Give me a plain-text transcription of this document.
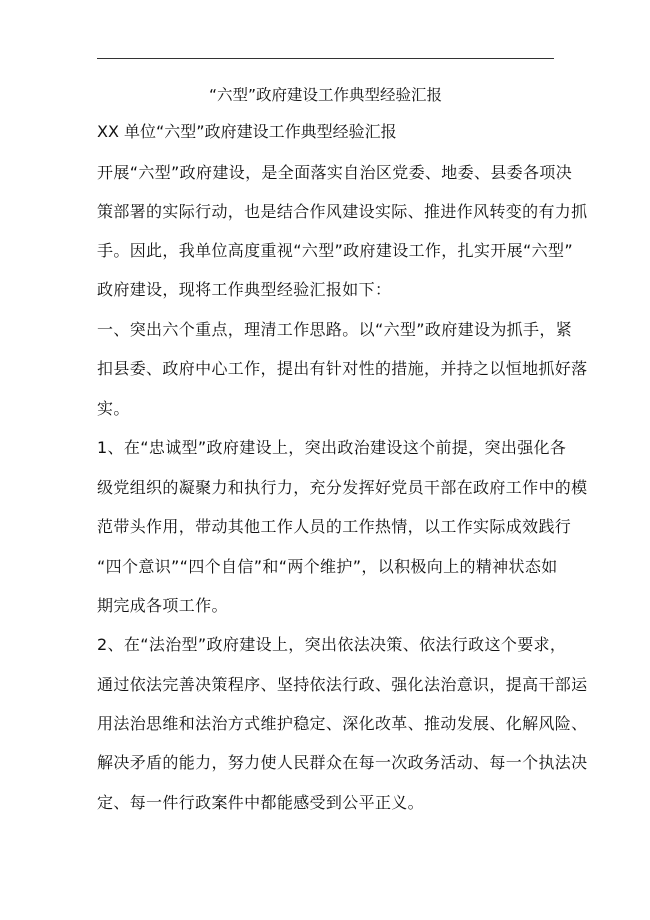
“六型”政府建设工作典型经验汇报
XX 单位“六型”政府建设工作典型经验汇报
开展“六型”政府建设，是全面落实自治区党委、地委、县委各项决
策部署的实际行动，也是结合作风建设实际、推进作风转变的有力抓
手。因此，我单位高度重视“六型”政府建设工作，扎实开展“六型”
政府建设，现将工作典型经验汇报如下：
一、突出六个重点，理清工作思路。以“六型”政府建设为抓手，紧
扣县委、政府中心工作，提出有针对性的措施，并持之以恒地抓好落
实。
1、在“忠诚型”政府建设上，突出政治建设这个前提，突出强化各
级党组织的凝聚力和执行力，充分发挥好党员干部在政府工作中的模
范带头作用，带动其他工作人员的工作热情，以工作实际成效践行
“四个意识”“四个自信”和“两个维护”，以积极向上的精神状态如
期完成各项工作。
2、在“法治型”政府建设上，突出依法决策、依法行政这个要求，
通过依法完善决策程序、坚持依法行政、强化法治意识，提高干部运
用法治思维和法治方式维护稳定、深化改革、推动发展、化解风险、
解决矛盾的能力，努力使人民群众在每一次政务活动、每一个执法决
定、每一件行政案件中都能感受到公平正义。
